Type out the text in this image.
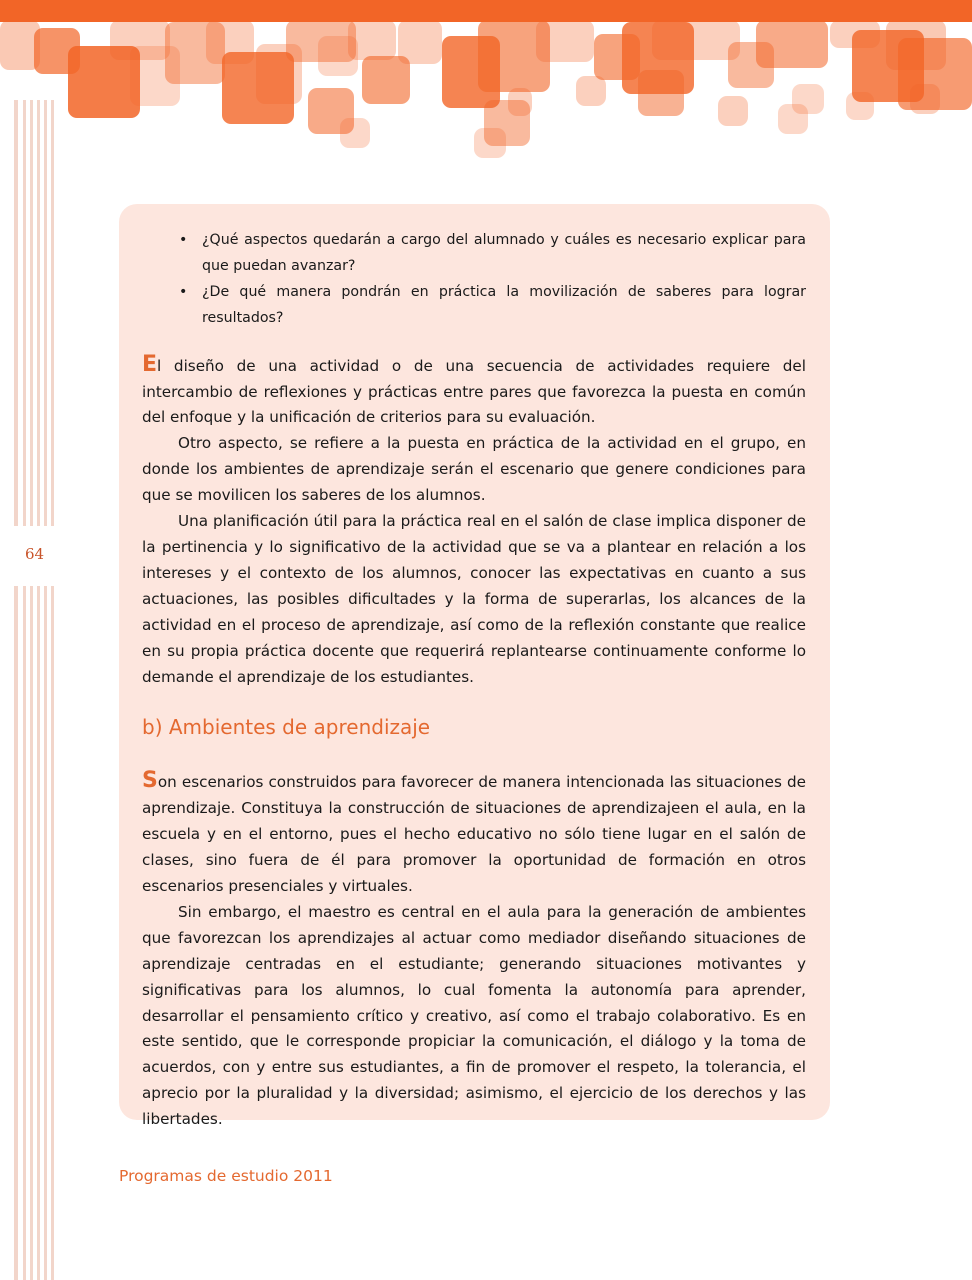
64
• ¿Qué aspectos quedarán a cargo del alumnado y cuáles es necesario explicar para que puedan avanzar?
• ¿De qué manera pondrán en práctica la movilización de saberes para lograr resultados?

El diseño de una actividad o de una secuencia de actividades requiere del intercambio de reflexiones y prácticas entre pares que favorezca la puesta en común del enfoque y la unificación de criterios para su evaluación.

Otro aspecto, se refiere a la puesta en práctica de la actividad en el grupo, en donde los ambientes de aprendizaje serán el escenario que genere condiciones para que se movilicen los saberes de los alumnos.

Una planificación útil para la práctica real en el salón de clase implica disponer de la pertinencia y lo significativo de la actividad que se va a plantear en relación a los intereses y el contexto de los alumnos, conocer las expectativas en cuanto a sus actuaciones, las posibles dificultades y la forma de superarlas, los alcances de la actividad en el proceso de aprendizaje, así como de la reflexión constante que realice en su propia práctica docente que requerirá replantearse continuamente conforme lo demande el aprendizaje de los estudiantes.

b) Ambientes de aprendizaje

Son escenarios construidos para favorecer de manera intencionada las situaciones de aprendizaje. Constituya la construcción de situaciones de aprendizajeen el aula, en la escuela y en el entorno, pues el hecho educativo no sólo tiene lugar en el salón de clases, sino fuera de él para promover la oportunidad de formación en otros escenarios presenciales y virtuales.

Sin embargo, el maestro es central en el aula para la generación de ambientes que favorezcan los aprendizajes al actuar como mediador diseñando situaciones de aprendizaje centradas en el estudiante; generando situaciones motivantes y significativas para los alumnos, lo cual fomenta la autonomía para aprender, desarrollar el pensamiento crítico y creativo, así como el trabajo colaborativo. Es en este sentido, que le corresponde propiciar la comunicación, el diálogo y la toma de acuerdos, con y entre sus estudiantes, a fin de promover el respeto, la tolerancia, el aprecio por la pluralidad y la diversidad; asimismo, el ejercicio de los derechos y las libertades.

Programas de estudio 2011
